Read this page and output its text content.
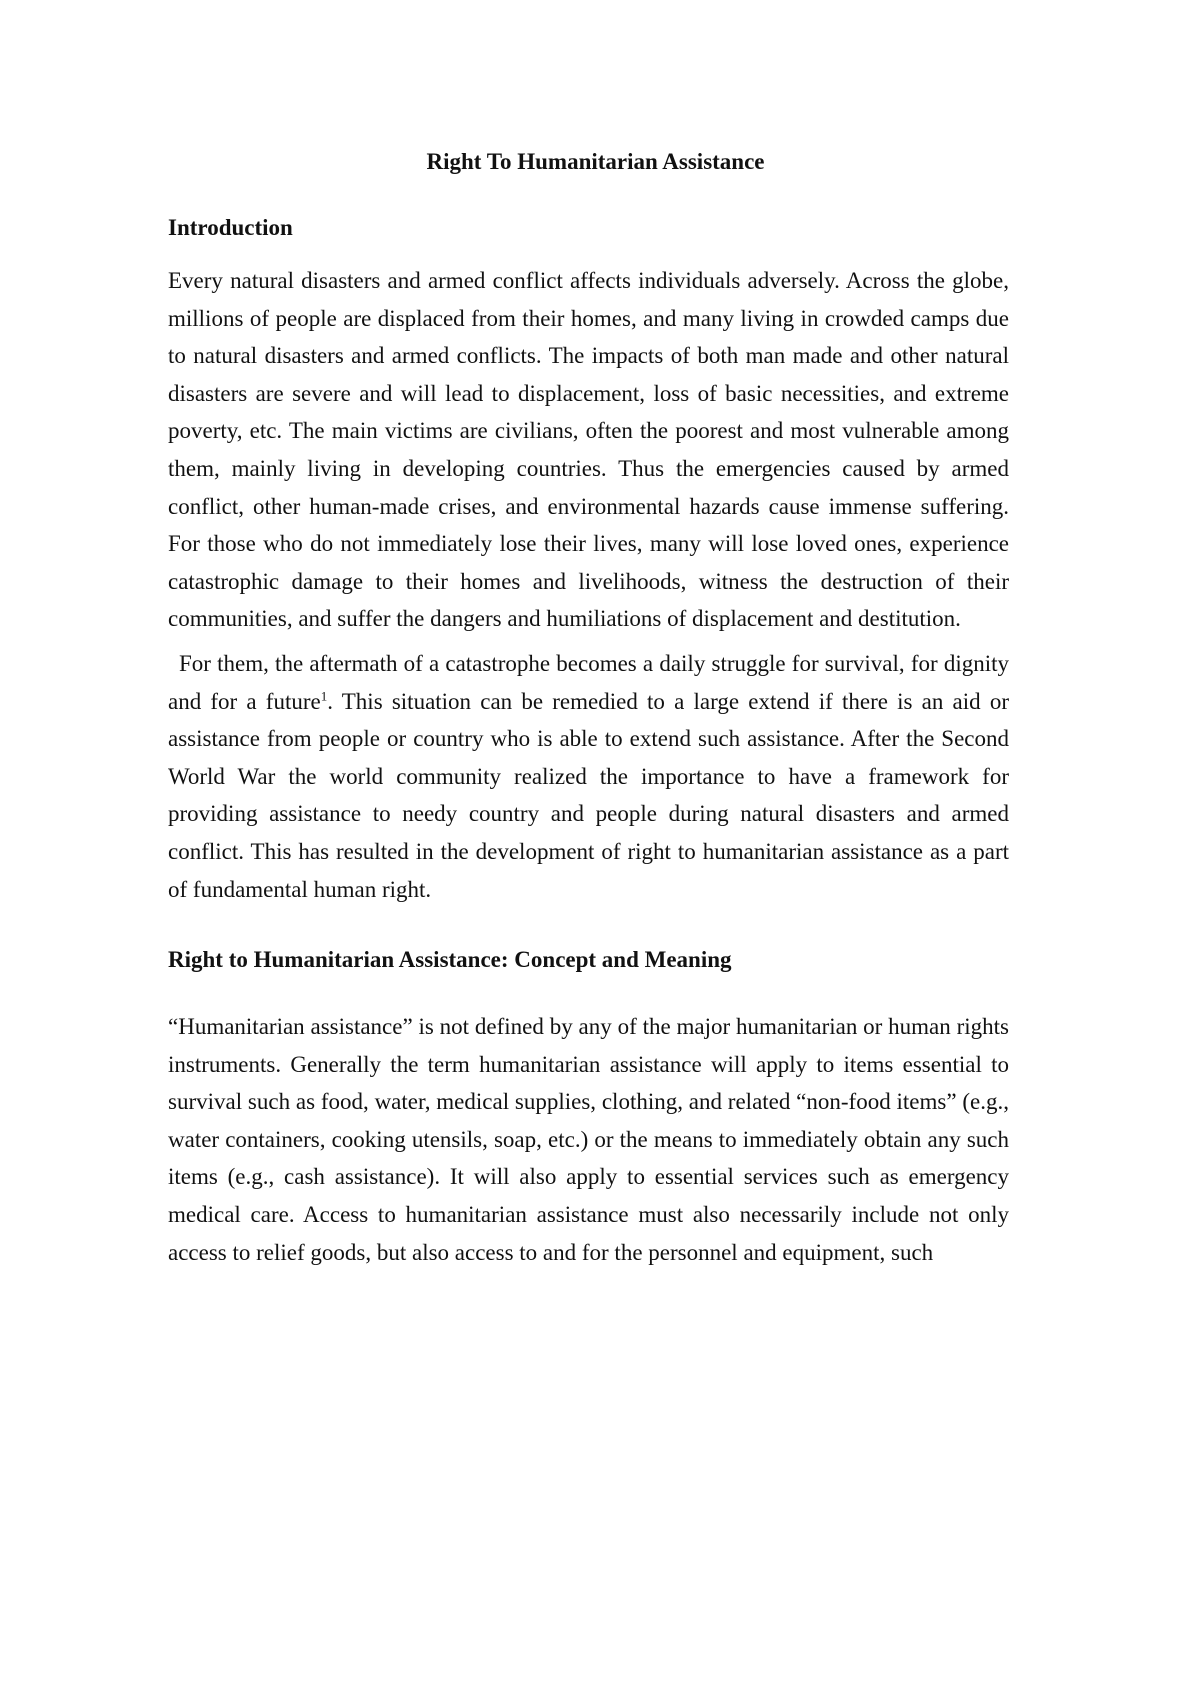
Right To Humanitarian Assistance
Introduction

Every natural disasters and armed conflict affects individuals adversely. Across the globe, millions of people are displaced from their homes, and many living in crowded camps due to natural disasters and armed conflicts. The impacts of both man made and other natural disasters are severe and will lead to displacement, loss of basic necessities, and extreme poverty, etc. The main victims are civilians, often the poorest and most vulnerable among them, mainly living in developing countries. Thus the emergencies caused by armed conflict, other human-made crises, and environmental hazards cause immense suffering. For those who do not immediately lose their lives, many will lose loved ones, experience catastrophic damage to their homes and livelihoods, witness the destruction of their communities, and suffer the dangers and humiliations of displacement and destitution.

For them, the aftermath of a catastrophe becomes a daily struggle for survival, for dignity and for a future$^1$. This situation can be remedied to a large extend if there is an aid or assistance from people or country who is able to extend such assistance. After the Second World War the world community realized the importance to have a framework for providing assistance to needy country and people during natural disasters and armed conflict. This has resulted in the development of right to humanitarian assistance as a part of fundamental human right.

Right to Humanitarian Assistance: Concept and Meaning

“Humanitarian assistance” is not defined by any of the major humanitarian or human rights instruments. Generally the term humanitarian assistance will apply to items essential to survival such as food, water, medical supplies, clothing, and related “non-food items” (e.g., water containers, cooking utensils, soap, etc.) or the means to immediately obtain any such items (e.g., cash assistance). It will also apply to essential services such as emergency medical care. Access to humanitarian assistance must also necessarily include not only access to relief goods, but also access to and for the personnel and equipment, such
